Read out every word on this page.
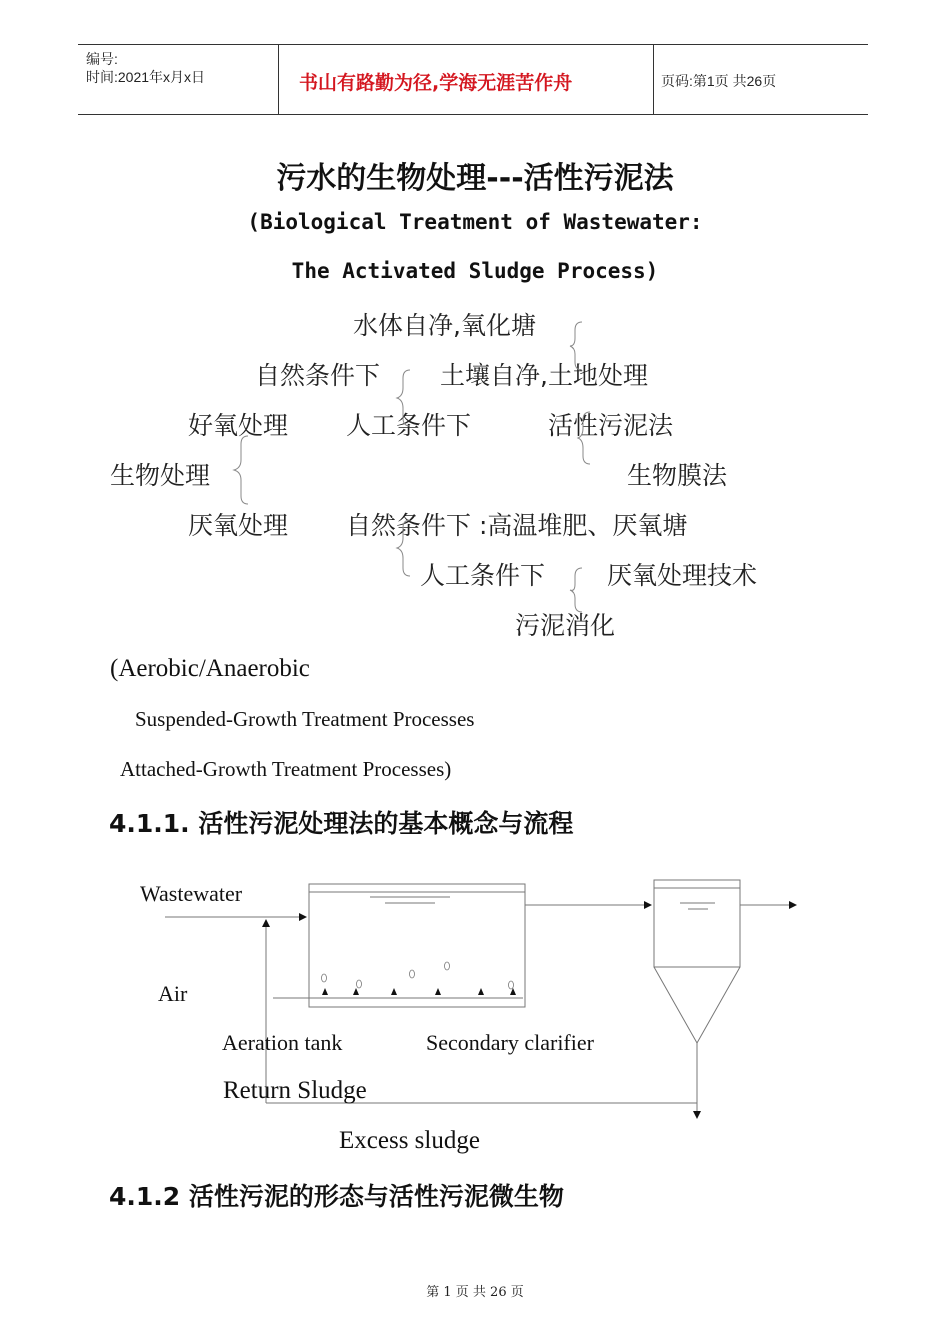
编号:
时间:2021年x月x日	书山有路勤为径,学海无涯苦作舟	页码:第1页 共26页
污水的生物处理---活性污泥法
(Biological Treatment of Wastewater:
The Activated Sludge Process)
水体自净,氧化塘
自然条件下 土壤自净,土地处理
好氧处理 人工条件下	活性污泥法
生物处理	生物膜法
厌氧处理 自然条件下 :高温堆肥、厌氧塘
人工条件下 厌氧处理技术
污泥消化
(Aerobic/Anaerobic
Suspended-Growth Treatment Processes
Attached-Growth Treatment Processes)
4.1.1. 活性污泥处理法的基本概念与流程
Wastewater
Air
Aeration tank	Secondary clarifier
Return Sludge
Excess sludge
4.1.2 活性污泥的形态与活性污泥微生物
第 1 页 共 26 页
